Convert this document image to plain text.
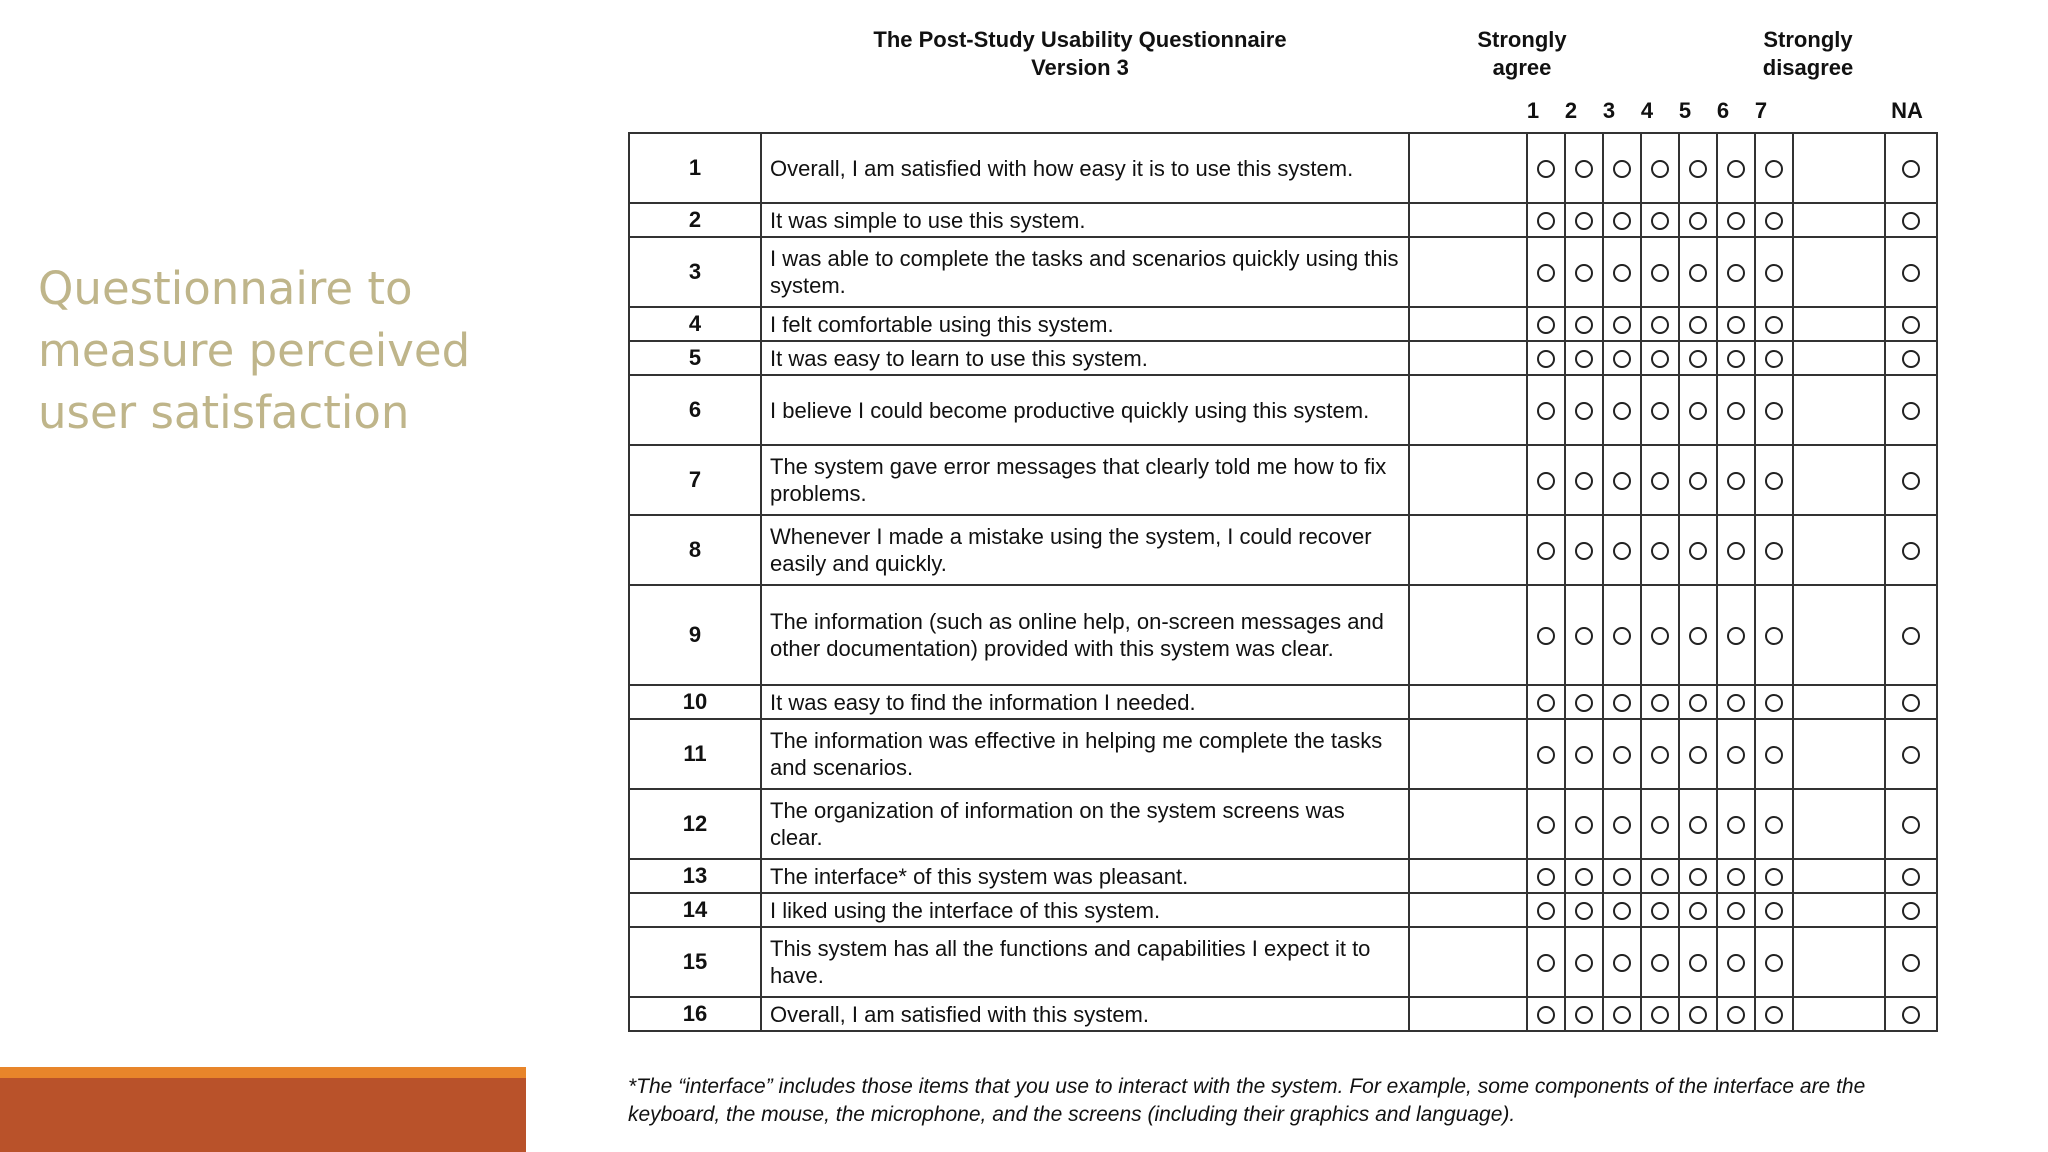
Questionnaire to measure perceived user satisfaction
The Post-Study Usability Questionnaire
Version 3
Strongly
agree
Strongly
disagree
1	2	3	4	5	6	7	NA
1	Overall, I am satisfied with how easy it is to use this system.										
2	It was simple to use this system.										
3	I was able to complete the tasks and scenarios quickly using this system.										
4	I felt comfortable using this system.										
5	It was easy to learn to use this system.										
6	I believe I could become productive quickly using this system.										
7	The system gave error messages that clearly told me how to fix problems.										
8	Whenever I made a mistake using the system, I could recover easily and quickly.										
9	The information (such as online help, on-screen messages and other documentation) provided with this system was clear.										
10	It was easy to find the information I needed.										
11	The information was effective in helping me complete the tasks and scenarios.										
12	The organization of information on the system screens was clear.										
13	The interface* of this system was pleasant.										
14	I liked using the interface of this system.										
15	This system has all the functions and capabilities I expect it to have.										
16	Overall, I am satisfied with this system.										

*The “interface” includes those items that you use to interact with the system. For example, some components of the interface are the keyboard, the mouse, the microphone, and the screens (including their graphics and language).
